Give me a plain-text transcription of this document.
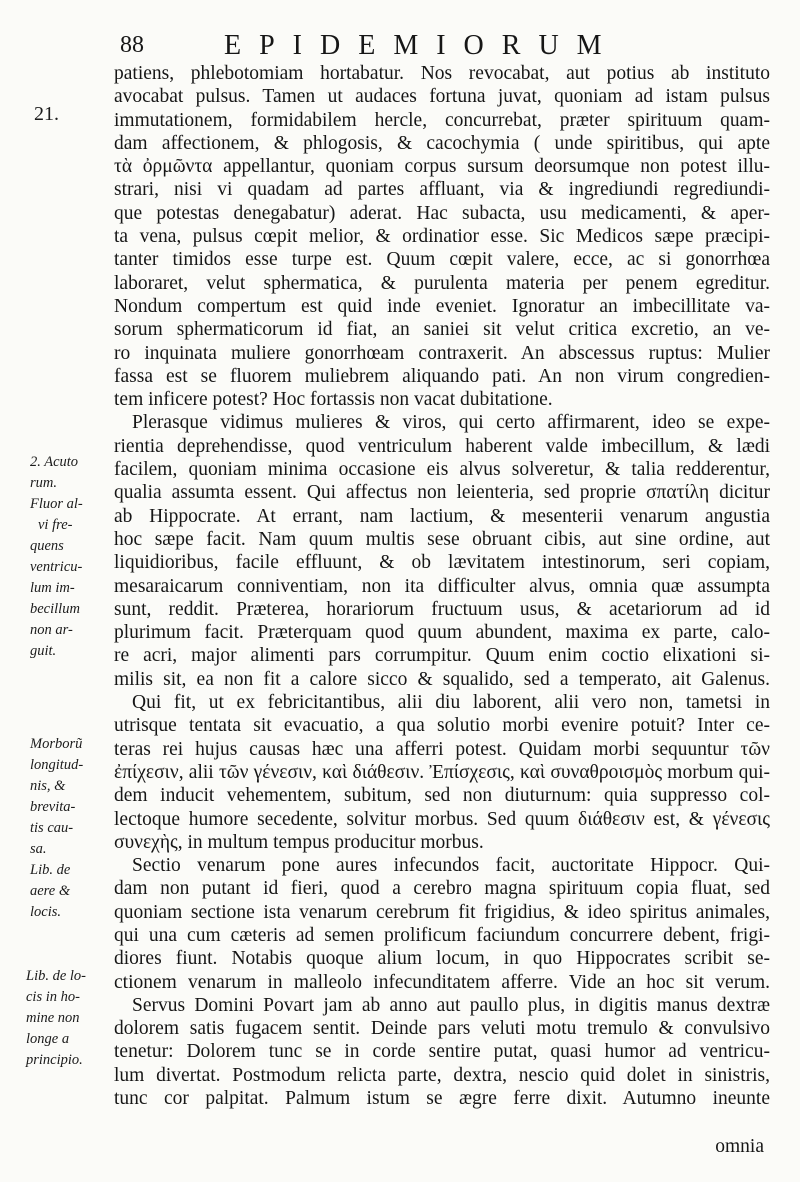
88	EPIDEMIORUM
21.
2. Acuto
rum.
Fluor al-
vi fre-
quens
ventricu-
lum im-
becillum
non ar-
guit.
Morborũ
longitud-
nis, &
brevita-
tis cau-
sa.
Lib. de
aere &
locis.
Lib. de lo-
cis in ho-
mine non
longe a
principio.
patiens, phlebotomiam hortabatur. Nos revocabat, aut potius ab instituto
avocabat pulsus. Tamen ut audaces fortuna juvat, quoniam ad istam pulsus
immutationem, formidabilem hercle, concurrebat, præter spirituum quam-
dam affectionem, & phlogosis, & cacochymia ( unde spiritibus, qui apte
τὰ ὀρμῶντα appellantur, quoniam corpus sursum deorsumque non potest illu-
strari, nisi vi quadam ad partes affluant, via & ingrediundi regrediundi-
que potestas denegabatur) aderat. Hac subacta, usu medicamenti, & aper-
ta vena, pulsus cœpit melior, & ordinatior esse. Sic Medicos sæpe præcipi-
tanter timidos esse turpe est. Quum cœpit valere, ecce, ac si gonorrhœa
laboraret, velut sphermatica, & purulenta materia per penem egreditur.
Nondum compertum est quid inde eveniet. Ignoratur an imbecillitate va-
sorum sphermaticorum id fiat, an saniei sit velut critica excretio, an ve-
ro inquinata muliere gonorrhœam contraxerit. An abscessus ruptus: Mulier
fassa est se fluorem muliebrem aliquando pati. An non virum congredien-
tem inficere potest? Hoc fortassis non vacat dubitatione.
Plerasque vidimus mulieres & viros, qui certo affirmarent, ideo se expe-
rientia deprehendisse, quod ventriculum haberent valde imbecillum, & lædi
facilem, quoniam minima occasione eis alvus solveretur, & talia redderentur,
qualia assumta essent. Qui affectus non leienteria, sed proprie σπατίλη dicitur
ab Hippocrate. At errant, nam lactium, & mesenterii venarum angustia
hoc sæpe facit. Nam quum multis sese obruant cibis, aut sine ordine, aut
liquidioribus, facile effluunt, & ob lævitatem intestinorum, seri copiam,
mesaraicarum conniventiam, non ita difficulter alvus, omnia quæ assumpta
sunt, reddit. Præterea, horariorum fructuum usus, & acetariorum ad id
plurimum facit. Præterquam quod quum abundent, maxima ex parte, calo-
re acri, major alimenti pars corrumpitur. Quum enim coctio elixationi si-
milis sit, ea non fit a calore sicco & squalido, sed a temperato, ait Galenus.
Qui fit, ut ex febricitantibus, alii diu laborent, alii vero non, tametsi in
utrisque tentata sit evacuatio, a qua solutio morbi evenire potuit? Inter ce-
teras rei hujus causas hæc una afferri potest. Quidam morbi sequuntur τῶν
ἐπίχεσιν, alii τῶν γένεσιν, καὶ διάθεσιν. Ἐπίσχεσις, καὶ συναθροισμὸς morbum qui-
dem inducit vehementem, subitum, sed non diuturnum: quia suppresso col-
lectoque humore secedente, solvitur morbus. Sed quum διάθεσιν est, & γένεσις
συνεχὴς, in multum tempus producitur morbus.
Sectio venarum pone aures infecundos facit, auctoritate Hippocr. Qui-
dam non putant id fieri, quod a cerebro magna spirituum copia fluat, sed
quoniam sectione ista venarum cerebrum fit frigidius, & ideo spiritus animales,
qui una cum cæteris ad semen prolificum faciundum concurrere debent, frigi-
diores fiunt. Notabis quoque alium locum, in quo Hippocrates scribit se-
ctionem venarum in malleolo infecunditatem afferre. Vide an hoc sit verum.
Servus Domini Povart jam ab anno aut paullo plus, in digitis manus dextræ
dolorem satis fugacem sentit. Deinde pars veluti motu tremulo & convulsivo
tenetur: Dolorem tunc se in corde sentire putat, quasi humor ad ventricu-
lum divertat. Postmodum relicta parte, dextra, nescio quid dolet in sinistris,
tunc cor palpitat. Palmum istum se ægre ferre dixit. Autumno ineunte
omnia
